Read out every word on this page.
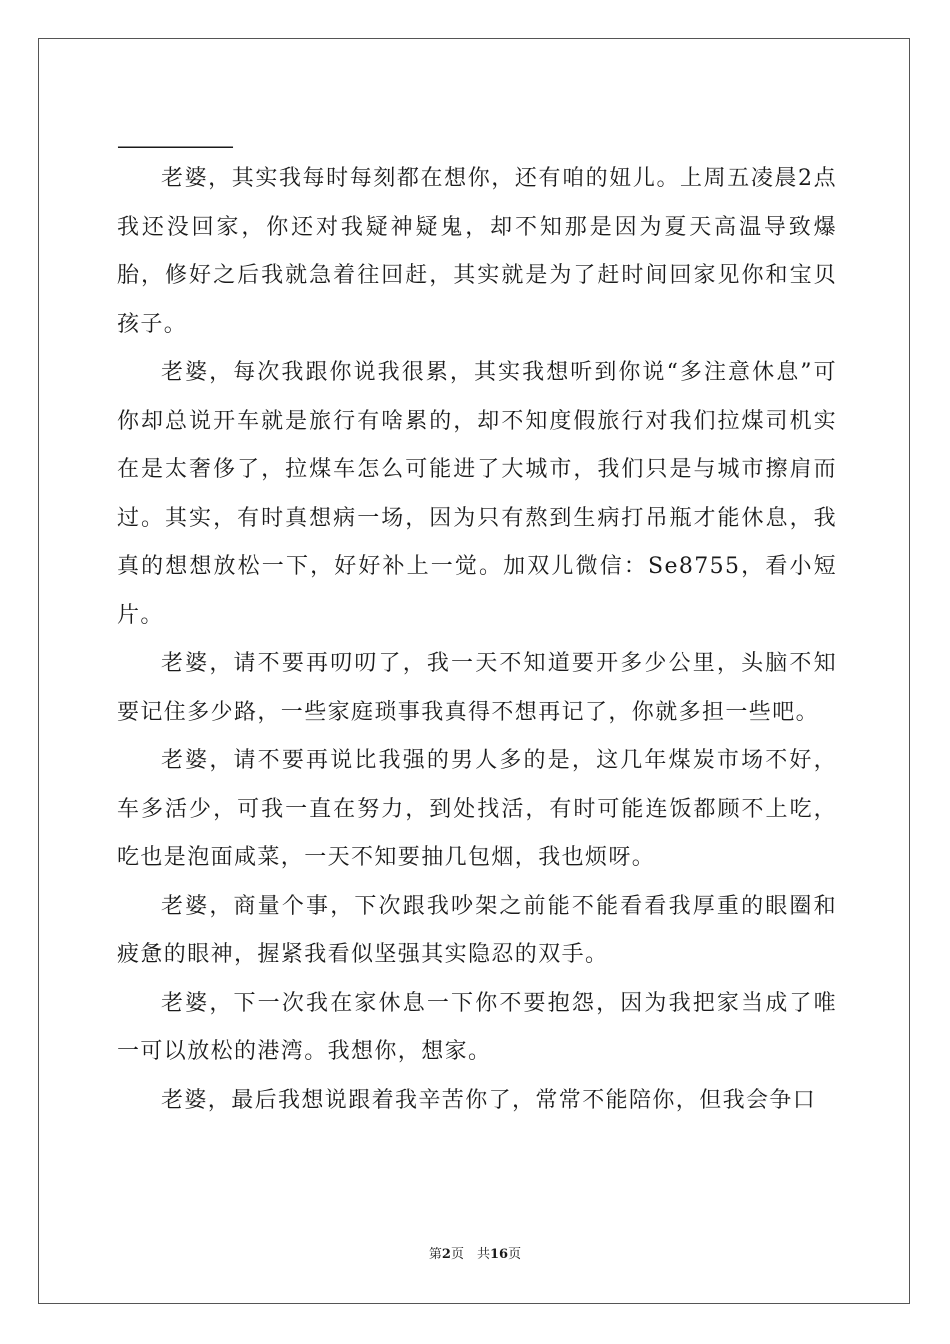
——————

老婆，其实我每时每刻都在想你，还有咱的妞儿。上周五凌晨2点我还没回家，你还对我疑神疑鬼，却不知那是因为夏天高温导致爆胎，修好之后我就急着往回赶，其实就是为了赶时间回家见你和宝贝孩子。

老婆，每次我跟你说我很累，其实我想听到你说“多注意休息”可你却总说开车就是旅行有啥累的，却不知度假旅行对我们拉煤司机实在是太奢侈了，拉煤车怎么可能进了大城市，我们只是与城市擦肩而过。其实，有时真想病一场，因为只有熬到生病打吊瓶才能休息，我真的想想放松一下，好好补上一觉。加双儿微信：Se8755，看小短片。

老婆，请不要再叨叨了，我一天不知道要开多少公里，头脑不知要记住多少路，一些家庭琐事我真得不想再记了，你就多担一些吧。

老婆，请不要再说比我强的男人多的是，这几年煤炭市场不好，车多活少，可我一直在努力，到处找活，有时可能连饭都顾不上吃，吃也是泡面咸菜，一天不知要抽几包烟，我也烦呀。

老婆，商量个事，下次跟我吵架之前能不能看看我厚重的眼圈和疲惫的眼神，握紧我看似坚强其实隐忍的双手。

老婆，下一次我在家休息一下你不要抱怨，因为我把家当成了唯一可以放松的港湾。我想你，想家。

老婆，最后我想说跟着我辛苦你了，常常不能陪你，但我会争口

第2页　共16页
